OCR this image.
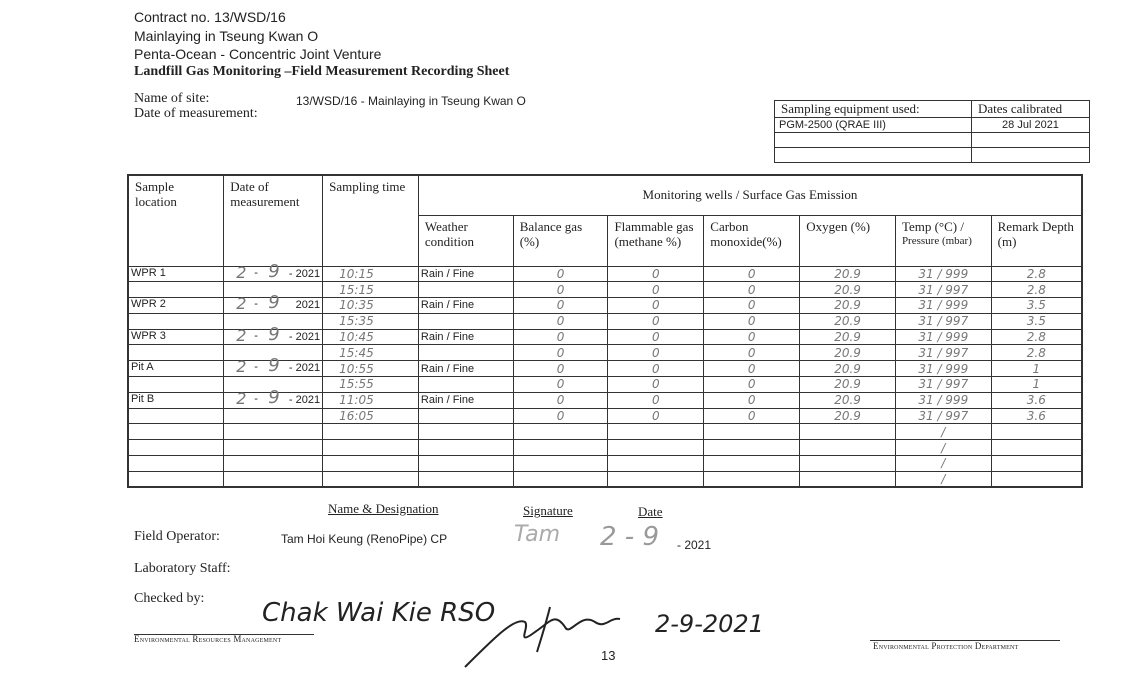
Contract no. 13/WSD/16
Mainlaying in Tseung Kwan O
Penta-Ocean - Concentric Joint Venture
Landfill Gas Monitoring –Field Measurement Recording Sheet
Name of site:	13/WSD/16 - Mainlaying in Tseung Kwan O
Date of measurement:	Sampling equipment used:	Dates calibrated
PGM-2500 (QRAE III)	28 Jul 2021

Sample location	Date of measurement	Sampling time	Monitoring wells / Surface Gas Emission						
			Weather condition	Balance gas (%)	Flammable gas (methane %)	Carbon monoxide(%)	Oxygen (%)	Temp (°C) /
Pressure (mbar)	Remark Depth (m)
WPR 1	2 - 9 - 2021	10:15	Rain / Fine	0	0	0	20.9	31 / 999	2.8

	15:15		0	0	0	20.9	31 / 997	2.8
WPR 2	2 - 9 2021	10:35	Rain / Fine	0	0	0	20.9	31 / 999	3.5

	15:35		0	0	0	20.9	31 / 997	3.5
WPR 3	2 - 9 - 2021	10:45	Rain / Fine	0	0	0	20.9	31 / 999	2.8

	15:45		0	0	0	20.9	31 / 997	2.8
Pit A	2 - 9 - 2021	10:55	Rain / Fine	0	0	0	20.9	31 / 999	1

	15:55		0	0	0	20.9	31 / 997	1
Pit B	2 - 9 - 2021	11:05	Rain / Fine	0	0	0	20.9	31 / 999	3.6

	16:05		0	0	0	20.9	31 / 997	3.6

							/	

							/	

							/	

							/	
Name & Designation	Signature	Date
Field Operator:	Tam Hoi Keung (RenoPipe) CP	Tam 2 - 9 - 2021
Laboratory Staff:
Checked by: Chak Wai Kie RSO	2-9-2021
Environmental Resources Management
13
Environmental Protection Department
